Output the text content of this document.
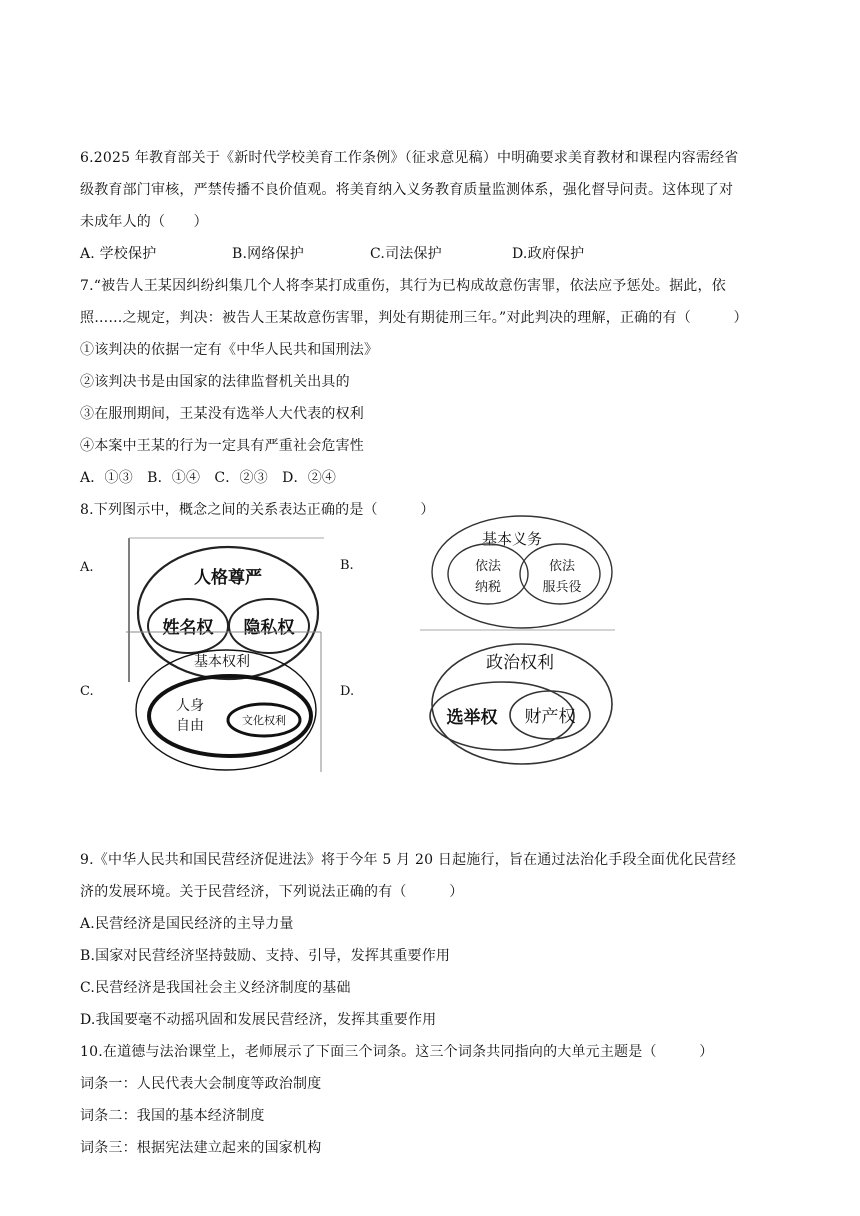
6.2025 年教育部关于《新时代学校美育工作条例》（征求意见稿）中明确要求美育教材和课程内容需经省
级教育部门审核，严禁传播不良价值观。将美育纳入义务教育质量监测体系，强化督导问责。这体现了对
未成年人的（　　）
A. 学校保护	B.网络保护	C.司法保护	D.政府保护
7.“被告人王某因纠纷纠集几个人将李某打成重伤，其行为已构成故意伤害罪，依法应予惩处。据此，依
照……之规定，判决：被告人王某故意伤害罪，判处有期徒刑三年。”对此判决的理解，正确的有（　　　）
①该判决的依据一定有《中华人民共和国刑法》
②该判决书是由国家的法律监督机关出具的
③在服刑期间，王某没有选举人大代表的权利
④本案中王某的行为一定具有严重社会危害性
A．①③　B．①④　C．②③　D．②④
8.下列图示中，概念之间的关系表达正确的是（　　　）
A.	B.
C.	D.
人格尊严
姓名权 隐私权
基本义务
依法
纳税
依法
服兵役
基本权利
人身
自由	文化权利
政治权利
选举权 财产权
9.《中华人民共和国民营经济促进法》将于今年 5 月 20 日起施行，旨在通过法治化手段全面优化民营经
济的发展环境。关于民营经济，下列说法正确的有（　　　）
A.民营经济是国民经济的主导力量
B.国家对民营经济坚持鼓励、支持、引导，发挥其重要作用
C.民营经济是我国社会主义经济制度的基础
D.我国要毫不动摇巩固和发展民营经济，发挥其重要作用
10.在道德与法治课堂上，老师展示了下面三个词条。这三个词条共同指向的大单元主题是（　　　）
词条一：人民代表大会制度等政治制度
词条二：我国的基本经济制度
词条三：根据宪法建立起来的国家机构
